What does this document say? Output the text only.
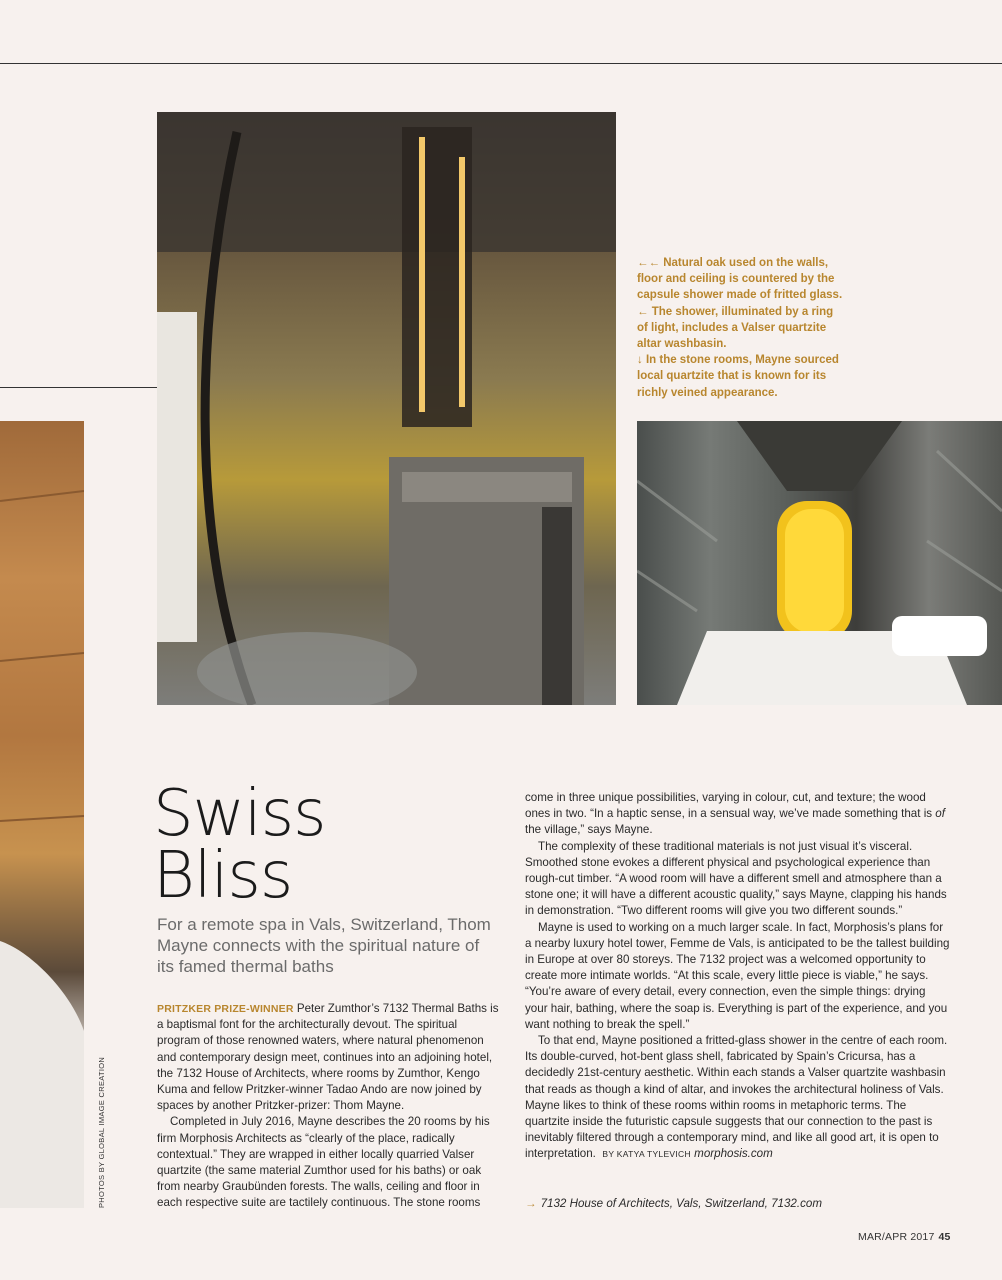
PHOTOS BY GLOBAL IMAGE CREATION

←← Natural oak used on the walls, floor and ceiling is countered by the capsule shower made of fritted glass.

← The shower, illuminated by a ring of light, includes a Valser quartzite altar washbasin.

↓ In the stone rooms, Mayne sourced local quartzite that is known for its richly veined appearance.

Swiss
Bliss
For a remote spa in Vals, Switzerland, Thom Mayne connects with the spiritual nature of its famed thermal baths

PRITZKER PRIZE-WINNER Peter Zumthor’s 7132 Thermal Baths is a baptismal font for the architecturally devout. The spiritual program of those renowned waters, where natural phenomenon and contemporary design meet, continues into an adjoining hotel, the 7132 House of Architects, where rooms by Zumthor, Kengo Kuma and fellow Pritzker-winner Tadao Ando are now joined by spaces by another Pritzker-prizer: Thom Mayne.

Completed in July 2016, Mayne describes the 20 rooms by his firm Morphosis Architects as “clearly of the place, radically contextual.” They are wrapped in either locally quarried Valser quartzite (the same material Zumthor used for his baths) or oak from nearby Graubünden forests. The walls, ceiling and floor in each respective suite are tactilely continuous. The stone rooms

come in three unique possibilities, varying in colour, cut, and texture; the wood ones in two. “In a haptic sense, in a sensual way, we’ve made something that is of the village,” says Mayne.

The complexity of these traditional materials is not just visual it’s visceral. Smoothed stone evokes a different physical and psychological experience than rough-cut timber. “A wood room will have a different smell and atmosphere than a stone one; it will have a different acoustic quality,” says Mayne, clapping his hands in demonstration. “Two different rooms will give you two different sounds.”

Mayne is used to working on a much larger scale. In fact, Morphosis’s plans for a nearby luxury hotel tower, Femme de Vals, is anticipated to be the tallest building in Europe at over 80 storeys. The 7132 project was a welcomed opportunity to create more intimate worlds. “At this scale, every little piece is viable,” he says. “You’re aware of every detail, every connection, even the simple things: drying your hair, bathing, where the soap is. Everything is part of the experience, and you want nothing to break the spell.”

To that end, Mayne positioned a fritted-glass shower in the centre of each room. Its double-curved, hot-bent glass shell, fabricated by Spain’s Cricursa, has a decidedly 21st-century aesthetic. Within each stands a Valser quartzite washbasin that reads as though a kind of altar, and invokes the architectural holiness of Vals. Mayne likes to think of these rooms within rooms in metaphoric terms. The quartzite inside the futuristic capsule suggests that our connection to the past is inevitably filtered through a contemporary mind, and like all good art, it is open to interpretation. BY KATYA TYLEVICH morphosis.com

→ 7132 House of Architects, Vals, Switzerland, 7132.com
MAR/APR 2017 45
